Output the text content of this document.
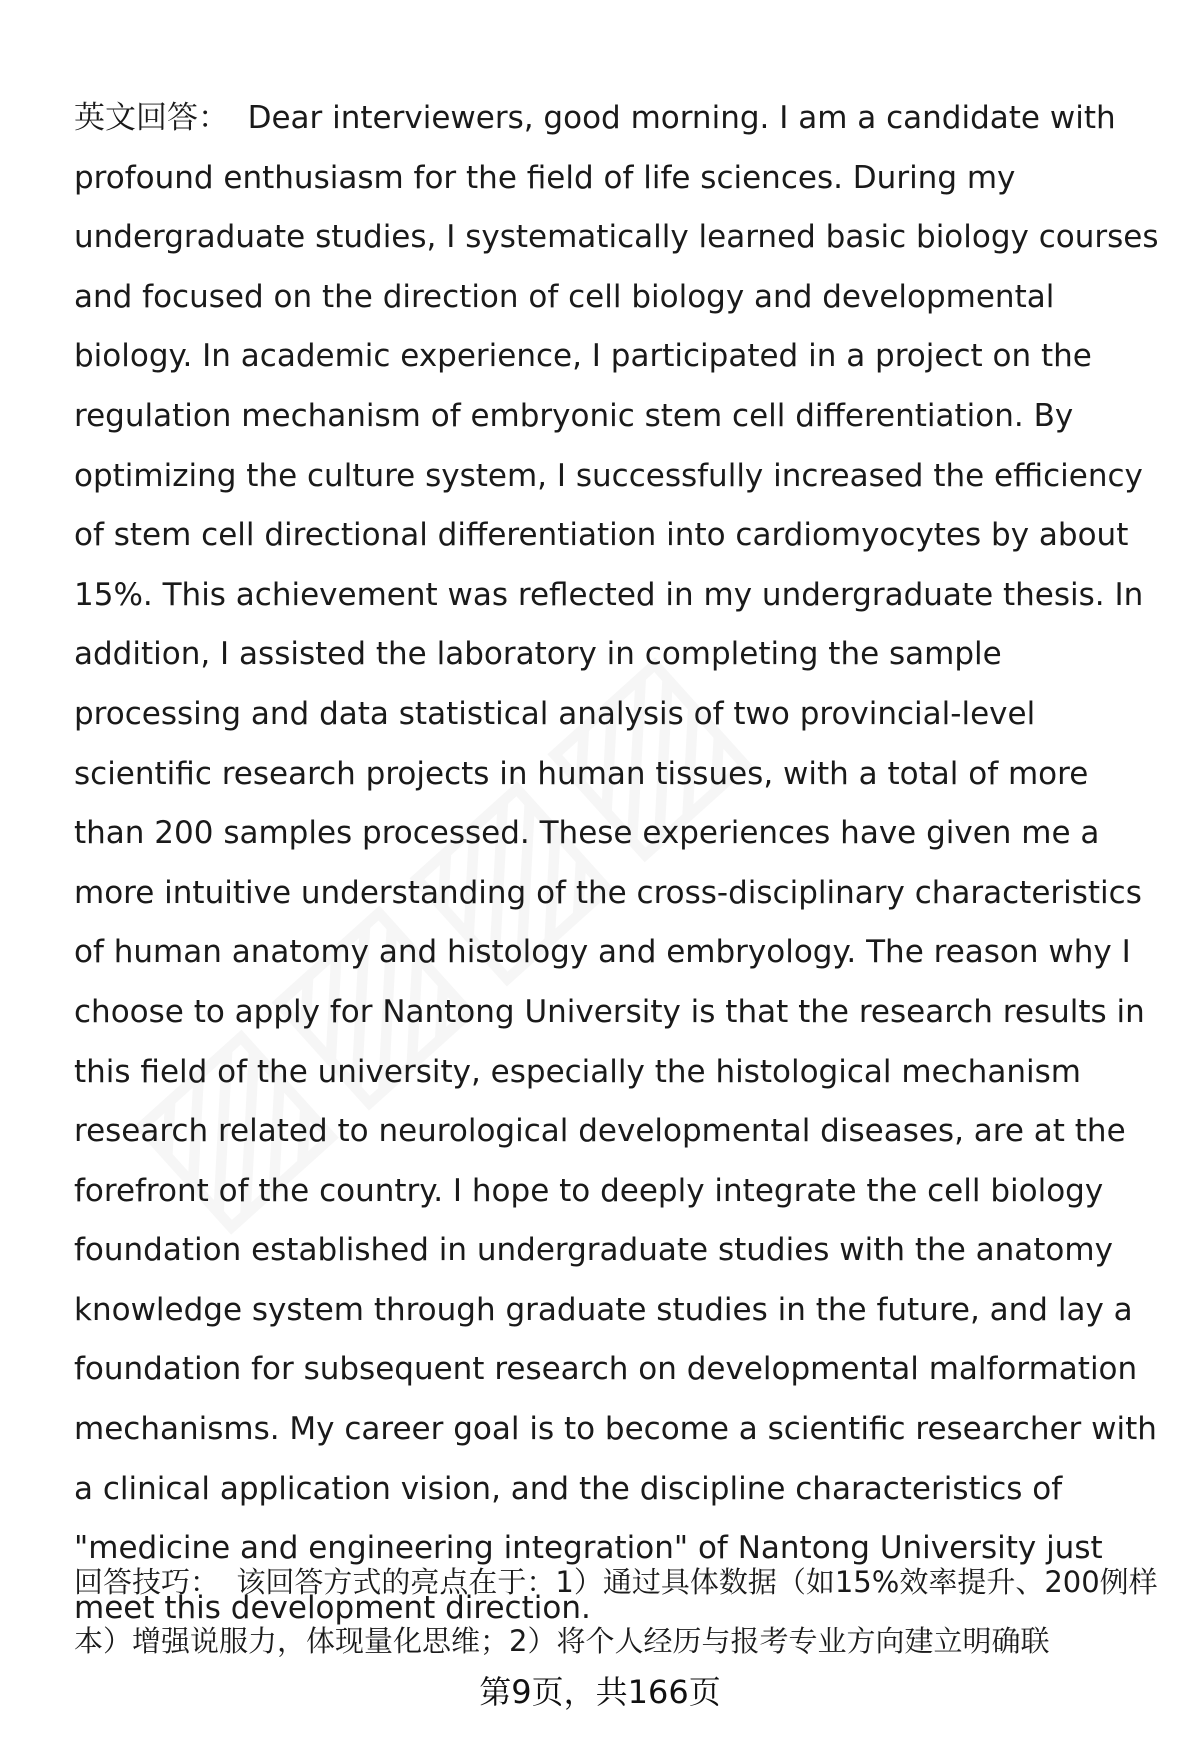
英文回答： Dear interviewers, good morning. I am a candidate with profound enthusiasm for the field of life sciences. During my undergraduate studies, I systematically learned basic biology courses and focused on the direction of cell biology and developmental biology. In academic experience, I participated in a project on the regulation mechanism of embryonic stem cell differentiation. By optimizing the culture system, I successfully increased the efficiency of stem cell directional differentiation into cardiomyocytes by about 15%. This achievement was reflected in my undergraduate thesis. In addition, I assisted the laboratory in completing the sample processing and data statistical analysis of two provincial-level scientific research projects in human tissues, with a total of more than 200 samples processed. These experiences have given me a more intuitive understanding of the cross-disciplinary characteristics of human anatomy and histology and embryology. The reason why I choose to apply for Nantong University is that the research results in this field of the university, especially the histological mechanism research related to neurological developmental diseases, are at the forefront of the country. I hope to deeply integrate the cell biology foundation established in undergraduate studies with the anatomy knowledge system through graduate studies in the future, and lay a foundation for subsequent research on developmental malformation mechanisms. My career goal is to become a scientific researcher with a clinical application vision, and the discipline characteristics of "medicine and engineering integration" of Nantong University just meet this development direction.

回答技巧： 该回答方式的亮点在于：1）通过具体数据（如15%效率提升、200例样本）增强说服力，体现量化思维；2）将个人经历与报考专业方向建立明确联

第9页，共166页
